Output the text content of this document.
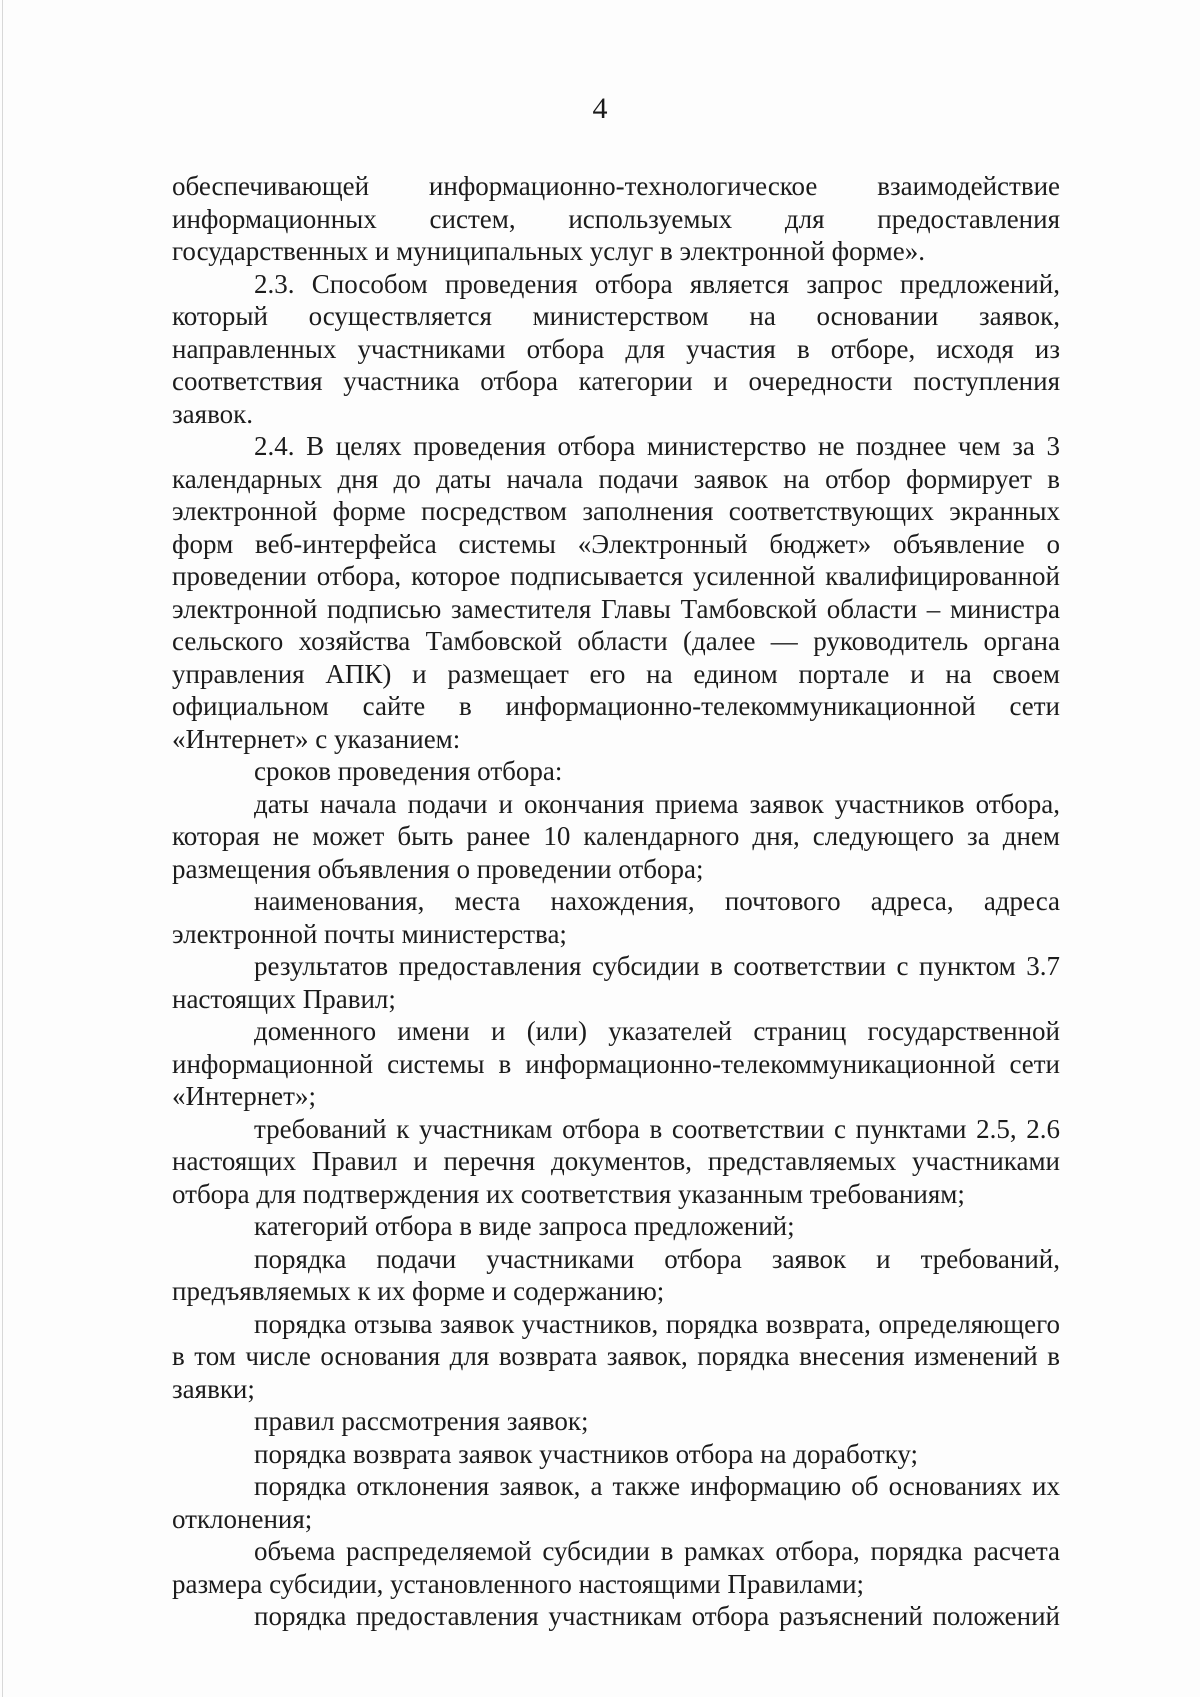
4

обеспечивающей информационно-технологическое взаимодействие информационных систем, используемых для предоставления государственных и муниципальных услуг в электронной форме».

2.3. Способом проведения отбора является запрос предложений, который осуществляется министерством на основании заявок, направленных участниками отбора для участия в отборе, исходя из соответствия участника отбора категории и очередности поступления заявок.

2.4. В целях проведения отбора министерство не позднее чем за 3 календарных дня до даты начала подачи заявок на отбор формирует в электронной форме посредством заполнения соответствующих экранных форм веб-интерфейса системы «Электронный бюджет» объявление о проведении отбора, которое подписывается усиленной квалифицированной электронной подписью заместителя Главы Тамбовской области – министра сельского хозяйства Тамбовской области (далее — руководитель органа управления АПК) и размещает его на едином портале и на своем официальном сайте в информационно-телекоммуникационной сети «Интернет» с указанием:

сроков проведения отбора:

даты начала подачи и окончания приема заявок участников отбора, которая не может быть ранее 10 календарного дня, следующего за днем размещения объявления о проведении отбора;

наименования, места нахождения, почтового адреса, адреса электронной почты министерства;

результатов предоставления субсидии в соответствии с пунктом 3.7 настоящих Правил;

доменного имени и (или) указателей страниц государственной информационной системы в информационно-телекоммуникационной сети «Интернет»;

требований к участникам отбора в соответствии с пунктами 2.5, 2.6 настоящих Правил и перечня документов, представляемых участниками отбора для подтверждения их соответствия указанным требованиям;

категорий отбора в виде запроса предложений;

порядка подачи участниками отбора заявок и требований, предъявляемых к их форме и содержанию;

порядка отзыва заявок участников, порядка возврата, определяющего в том числе основания для возврата заявок, порядка внесения изменений в заявки;

правил рассмотрения заявок;

порядка возврата заявок участников отбора на доработку;

порядка отклонения заявок, а также информацию об основаниях их отклонения;

объема распределяемой субсидии в рамках отбора, порядка расчета размера субсидии, установленного настоящими Правилами;

порядка предоставления участникам отбора разъяснений положений
